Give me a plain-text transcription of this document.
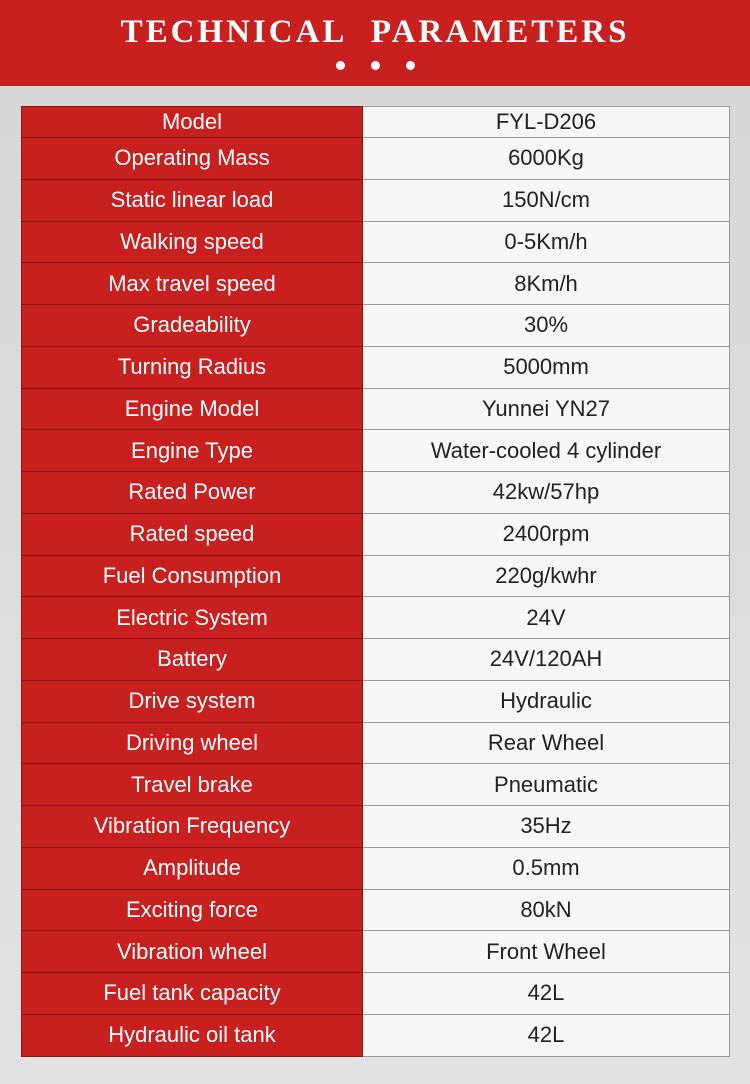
TECHNICAL PARAMETERS
Model	FYL-D206
Operating Mass	6000Kg
Static linear load	150N/cm
Walking speed	0-5Km/h
Max travel speed	8Km/h
Gradeability	30%
Turning Radius	5000mm
Engine Model	Yunnei YN27
Engine Type	Water-cooled 4 cylinder
Rated Power	42kw/57hp
Rated speed	2400rpm
Fuel Consumption	220g/kwhr
Electric System	24V
Battery	24V/120AH
Drive system	Hydraulic
Driving wheel	Rear Wheel
Travel brake	Pneumatic
Vibration Frequency	35Hz
Amplitude	0.5mm
Exciting force	80kN
Vibration wheel	Front Wheel
Fuel tank capacity	42L
Hydraulic oil tank	42L
